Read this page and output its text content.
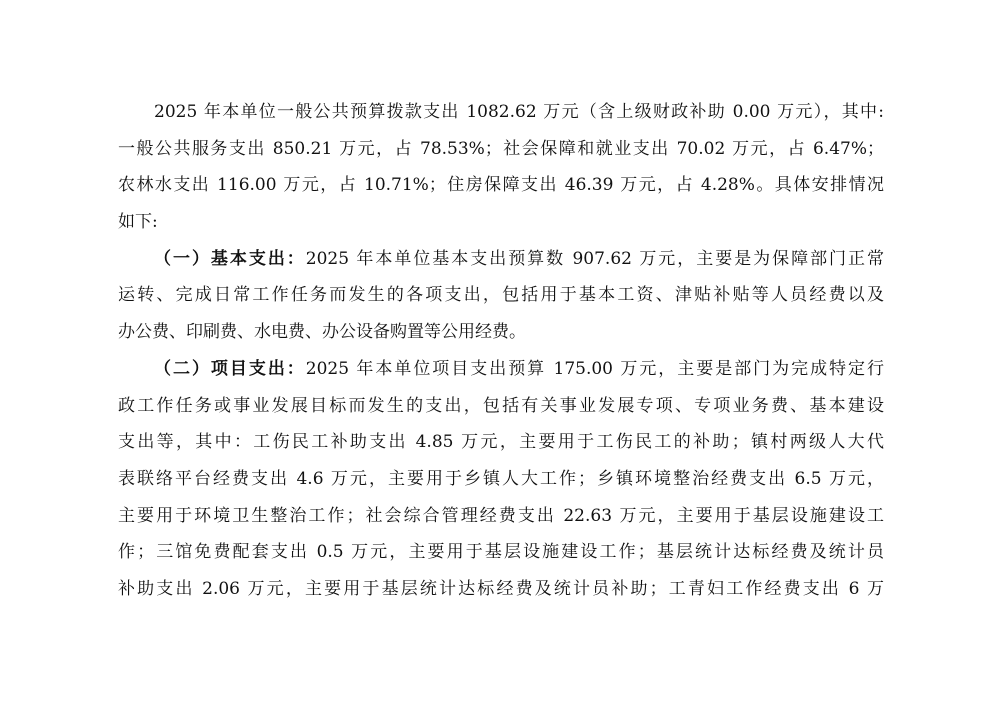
2025 年本单位一般公共预算拨款支出 1082.62 万元（含上级财政补助 0.00 万元），其中:
一般公共服务支出 850.21 万元，占 78.53%；社会保障和就业支出 70.02 万元，占 6.47%；
农林水支出 116.00 万元，占 10.71%；住房保障支出 46.39 万元，占 4.28%。具体安排情况
如下:
（一）基本支出：2025 年本单位基本支出预算数 907.62 万元，主要是为保障部门正常
运转、完成日常工作任务而发生的各项支出，包括用于基本工资、津贴补贴等人员经费以及
办公费、印刷费、水电费、办公设备购置等公用经费。
（二）项目支出：2025 年本单位项目支出预算 175.00 万元，主要是部门为完成特定行
政工作任务或事业发展目标而发生的支出，包括有关事业发展专项、专项业务费、基本建设
支出等，其中：工伤民工补助支出 4.85 万元，主要用于工伤民工的补助；镇村两级人大代
表联络平台经费支出 4.6 万元，主要用于乡镇人大工作；乡镇环境整治经费支出 6.5 万元，
主要用于环境卫生整治工作；社会综合管理经费支出 22.63 万元，主要用于基层设施建设工
作；三馆免费配套支出 0.5 万元，主要用于基层设施建设工作；基层统计达标经费及统计员
补助支出 2.06 万元，主要用于基层统计达标经费及统计员补助；工青妇工作经费支出 6 万
